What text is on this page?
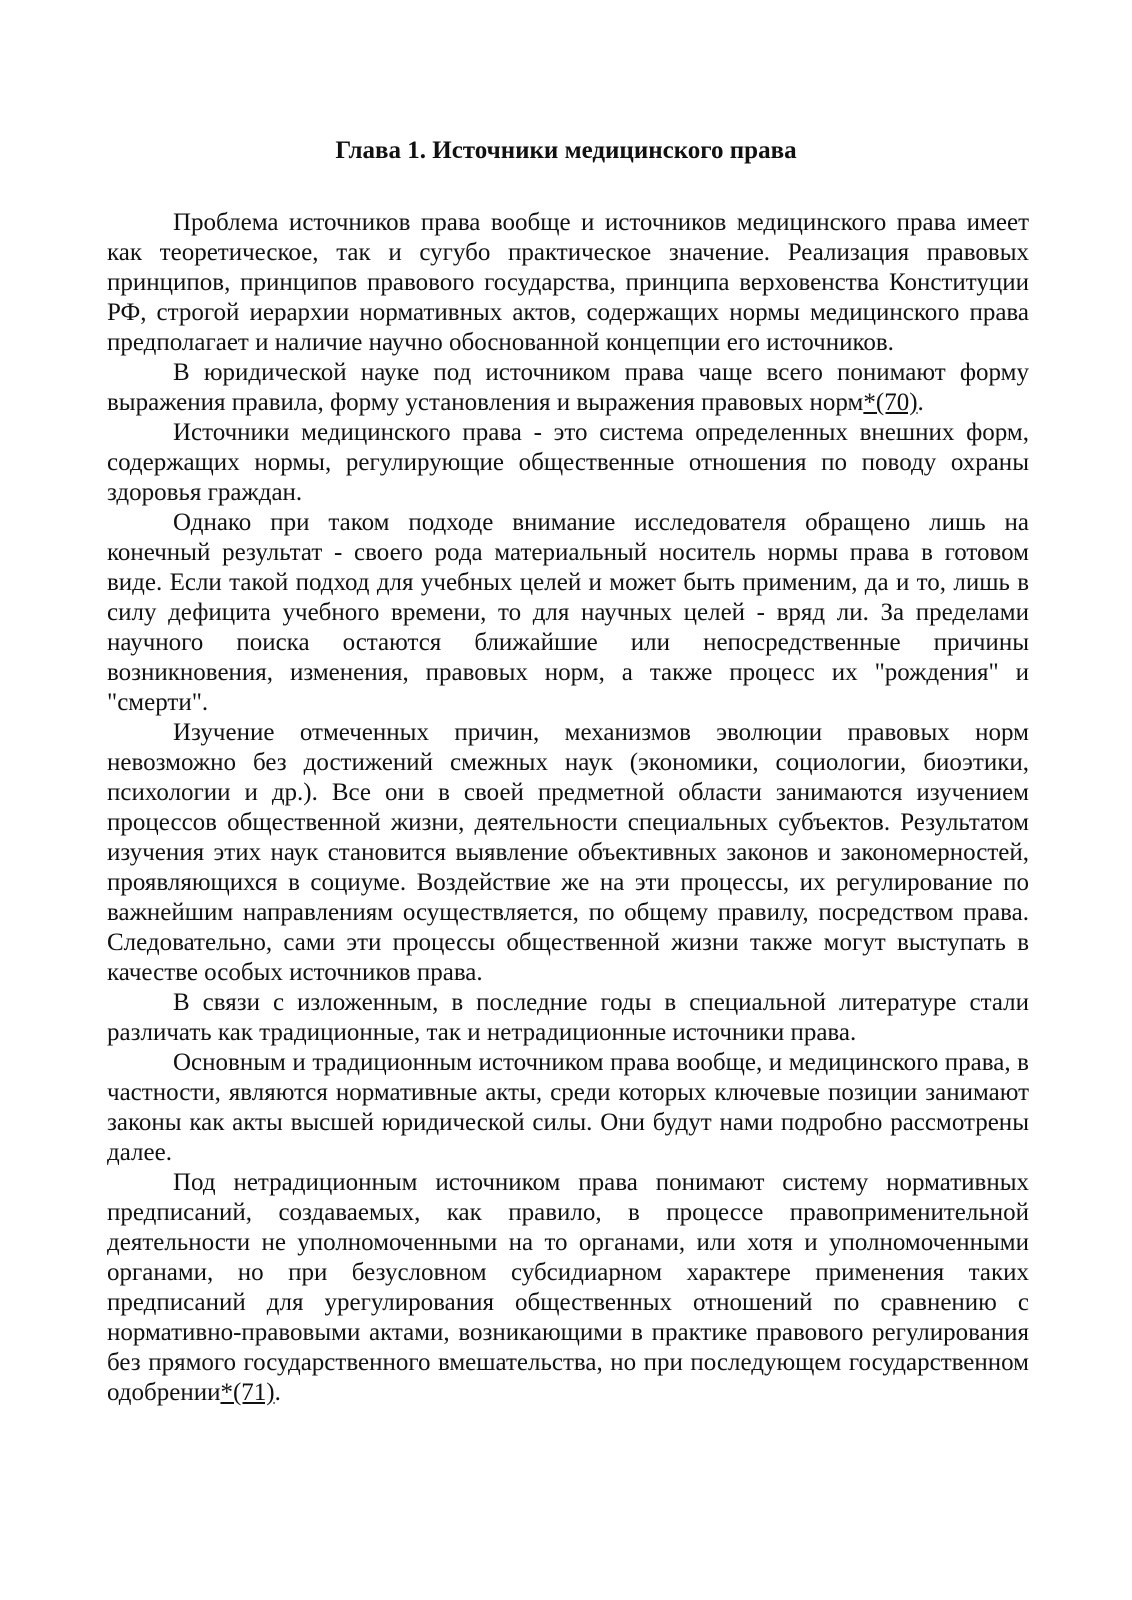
Глава 1. Источники медицинского права

Проблема источников права вообще и источников медицинского права имеет как теоретическое, так и сугубо практическое значение. Реализация правовых принципов, принципов правового государства, принципа верховенства Конституции РФ, строгой иерархии нормативных актов, содержащих нормы медицинского права предполагает и наличие научно обоснованной концепции его источников.

В юридической науке под источником права чаще всего понимают форму выражения правила, форму установления и выражения правовых норм*(70).

Источники медицинского права - это система определенных внешних форм, содержащих нормы, регулирующие общественные отношения по поводу охраны здоровья граждан.

Однако при таком подходе внимание исследователя обращено лишь на конечный результат - своего рода материальный носитель нормы права в готовом виде. Если такой подход для учебных целей и может быть применим, да и то, лишь в силу дефицита учебного времени, то для научных целей - вряд ли. За пределами научного поиска остаются ближайшие или непосредственные причины возникновения, изменения, правовых норм, а также процесс их "рождения" и "смерти".

Изучение отмеченных причин, механизмов эволюции правовых норм невозможно без достижений смежных наук (экономики, социологии, биоэтики, психологии и др.). Все они в своей предметной области занимаются изучением процессов общественной жизни, деятельности специальных субъектов. Результатом изучения этих наук становится выявление объективных законов и закономерностей, проявляющихся в социуме. Воздействие же на эти процессы, их регулирование по важнейшим направлениям осуществляется, по общему правилу, посредством права. Следовательно, сами эти процессы общественной жизни также могут выступать в качестве особых источников права.

В связи с изложенным, в последние годы в специальной литературе стали различать как традиционные, так и нетрадиционные источники права.

Основным и традиционным источником права вообще, и медицинского права, в частности, являются нормативные акты, среди которых ключевые позиции занимают законы как акты высшей юридической силы. Они будут нами подробно рассмотрены далее.

Под нетрадиционным источником права понимают систему нормативных предписаний, создаваемых, как правило, в процессе правоприменительной деятельности не уполномоченными на то органами, или хотя и уполномоченными органами, но при безусловном субсидиарном характере применения таких предписаний для урегулирования общественных отношений по сравнению с нормативно-правовыми актами, возникающими в практике правового регулирования без прямого государственного вмешательства, но при последующем государственном одобрении*(71).
